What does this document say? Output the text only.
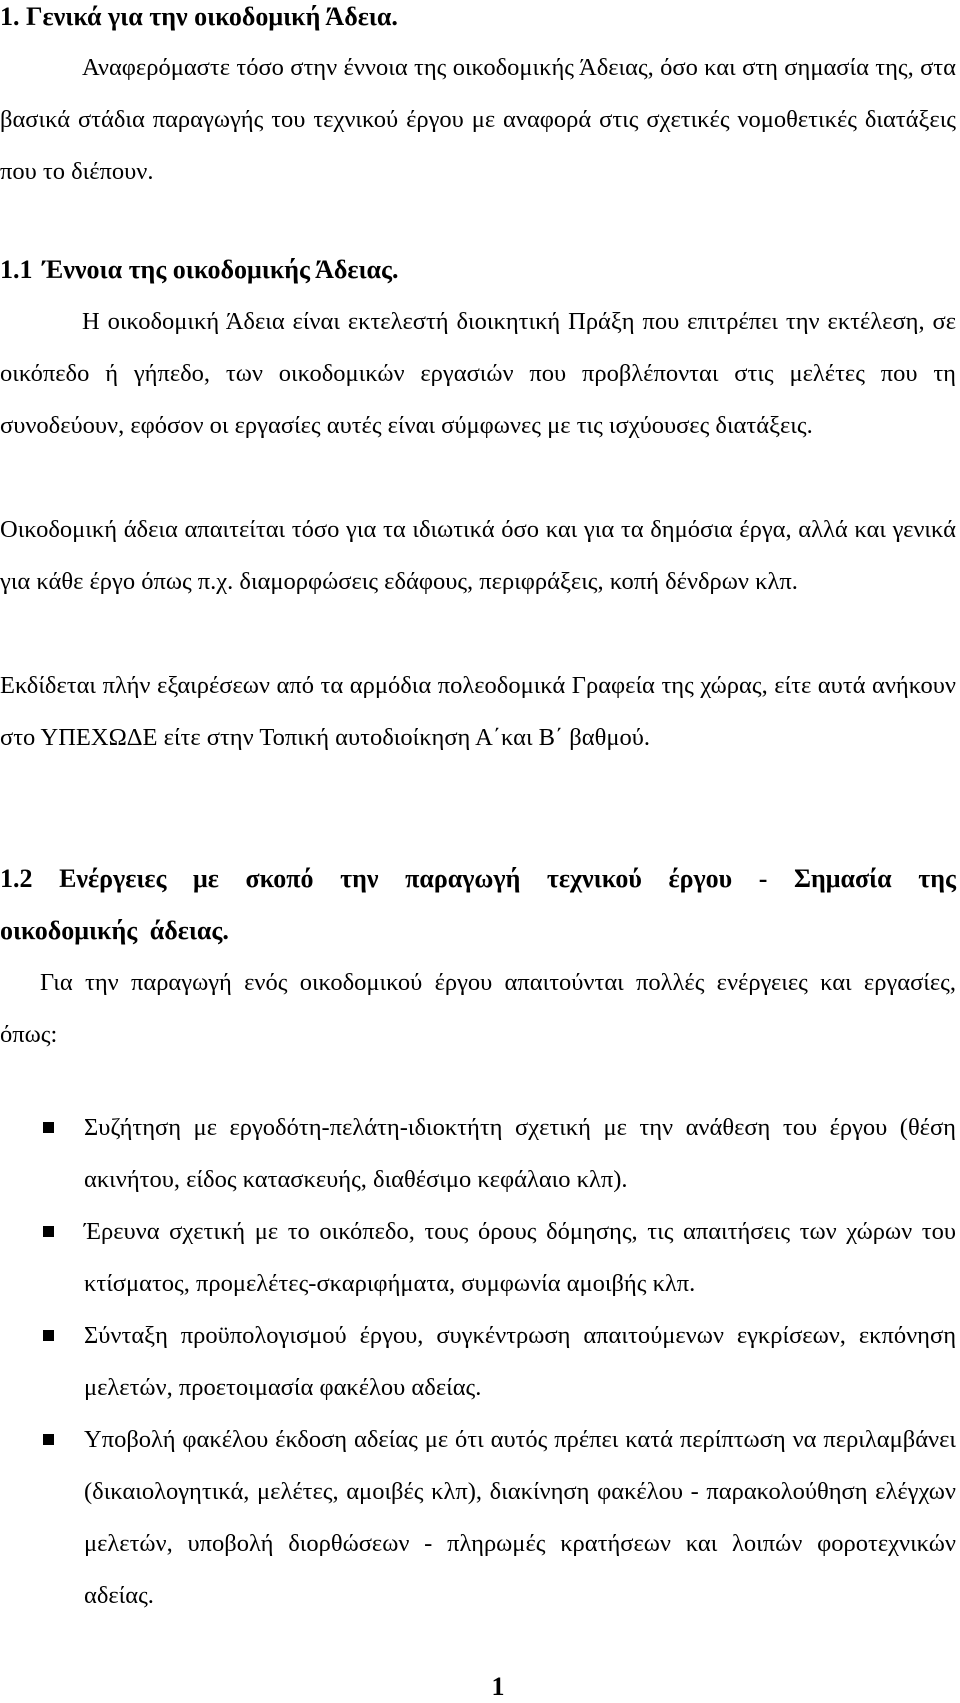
1. Γενικά για την οικοδομική Άδεια.

Αναφερόμαστε τόσο στην έννοια της οικοδομικής Άδειας, όσο και στη σημασία της, στα βασικά στάδια παραγωγής του τεχνικού έργου με αναφορά στις σχετικές νομοθετικές διατάξεις που το διέπουν.

1.1 Έννοια της οικοδομικής Άδειας.

Η οικοδομική Άδεια είναι εκτελεστή διοικητική Πράξη που επιτρέπει την εκτέλεση, σε οικόπεδο ή γήπεδο, των οικοδομικών εργασιών που προβλέπονται στις μελέτες που τη συνοδεύουν, εφόσον οι εργασίες αυτές είναι σύμφωνες με τις ισχύουσες διατάξεις.

Οικοδομική άδεια απαιτείται τόσο για τα ιδιωτικά όσο και για τα δημόσια έργα, αλλά και γενικά για κάθε έργο όπως π.χ. διαμορφώσεις εδάφους, περιφράξεις, κοπή δένδρων κλπ.

Εκδίδεται πλήν εξαιρέσεων από τα αρμόδια πολεοδομικά Γραφεία της χώρας, είτε αυτά ανήκουν στο ΥΠΕΧΩΔΕ είτε στην Τοπική αυτοδιοίκηση Α΄και Β΄ βαθμού.

1.2 Ενέργειες με σκοπό την παραγωγή τεχνικού έργου - Σημασία της οικοδομικής άδειας.

Για την παραγωγή ενός οικοδομικού έργου απαιτούνται πολλές ενέργειες και εργασίες, όπως:

Συζήτηση με εργοδότη-πελάτη-ιδιοκτήτη σχετική με την ανάθεση του έργου (θέση ακινήτου, είδος κατασκευής, διαθέσιμο κεφάλαιο κλπ).
Έρευνα σχετική με το οικόπεδο, τους όρους δόμησης, τις απαιτήσεις των χώρων του κτίσματος, προμελέτες-σκαριφήματα, συμφωνία αμοιβής κλπ.
Σύνταξη προϋπολογισμού έργου, συγκέντρωση απαιτούμενων εγκρίσεων, εκπόνηση μελετών, προετοιμασία φακέλου αδείας.
Υποβολή φακέλου έκδοση αδείας με ότι αυτός πρέπει κατά περίπτωση να περιλαμβάνει (δικαιολογητικά, μελέτες, αμοιβές κλπ), διακίνηση φακέλου - παρακολούθηση ελέγχων μελετών, υποβολή διορθώσεων - πληρωμές κρατήσεων και λοιπών φοροτεχνικών αδείας.
1
